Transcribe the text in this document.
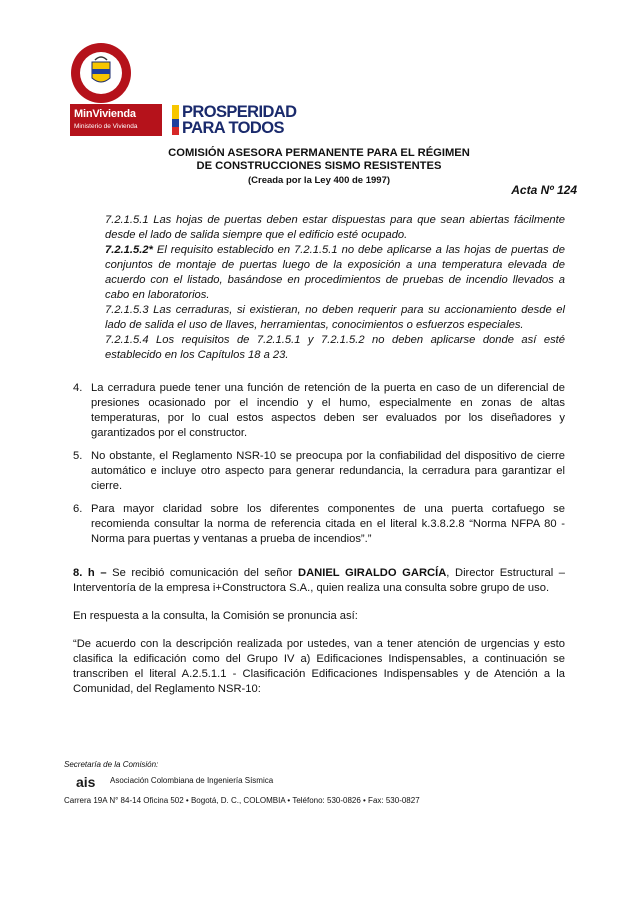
MinVivienda
Ministerio de Vivienda
PROSPERIDAD
PARA TODOS
COMISIÓN ASESORA PERMANENTE PARA EL RÉGIMEN
DE CONSTRUCCIONES SISMO RESISTENTES
(Creada por la Ley 400 de 1997)
Acta Nº 124
7.2.1.5.1 Las hojas de puertas deben estar dispuestas para que sean abiertas fácilmente desde el lado de salida siempre que el edificio esté ocupado.
7.2.1.5.2* El requisito establecido en 7.2.1.5.1 no debe aplicarse a las hojas de puertas de conjuntos de montaje de puertas luego de la exposición a una temperatura elevada de acuerdo con el listado, basándose en procedimientos de pruebas de incendio llevados a cabo en laboratorios.
7.2.1.5.3 Las cerraduras, si existieran, no deben requerir para su accionamiento desde el lado de salida el uso de llaves, herramientas, conocimientos o esfuerzos especiales.
7.2.1.5.4 Los requisitos de 7.2.1.5.1 y 7.2.1.5.2 no deben aplicarse donde así esté establecido en los Capítulos 18 a 23.
4. La cerradura puede tener una función de retención de la puerta en caso de un diferencial de presiones ocasionado por el incendio y el humo, especialmente en zonas de altas temperaturas, por lo cual estos aspectos deben ser evaluados por los diseñadores y garantizados por el constructor.
5. No obstante, el Reglamento NSR-10 se preocupa por la confiabilidad del dispositivo de cierre automático e incluye otro aspecto para generar redundancia, la cerradura para garantizar el cierre.
6. Para mayor claridad sobre los diferentes componentes de una puerta cortafuego se recomienda consultar la norma de referencia citada en el literal k.3.8.2.8 “Norma NFPA 80 - Norma para puertas y ventanas a prueba de incendios”.”
8. h – Se recibió comunicación del señor DANIEL GIRALDO GARCÍA, Director Estructural – Interventoría de la empresa i+Constructora S.A., quien realiza una consulta sobre grupo de uso.
En respuesta a la consulta, la Comisión se pronuncia así:
“De acuerdo con la descripción realizada por ustedes, van a tener atención de urgencias y esto clasifica la edificación como del Grupo IV a) Edificaciones Indispensables, a continuación se transcriben el literal A.2.5.1.1 - Clasificación Edificaciones Indispensables y de Atención a la Comunidad, del Reglamento NSR-10:
Secretaría de la Comisión:
ais Asociación Colombiana de Ingeniería Sísmica
Carrera 19A N° 84-14 Oficina 502 • Bogotá, D. C., COLOMBIA • Teléfono: 530-0826 • Fax: 530-0827
